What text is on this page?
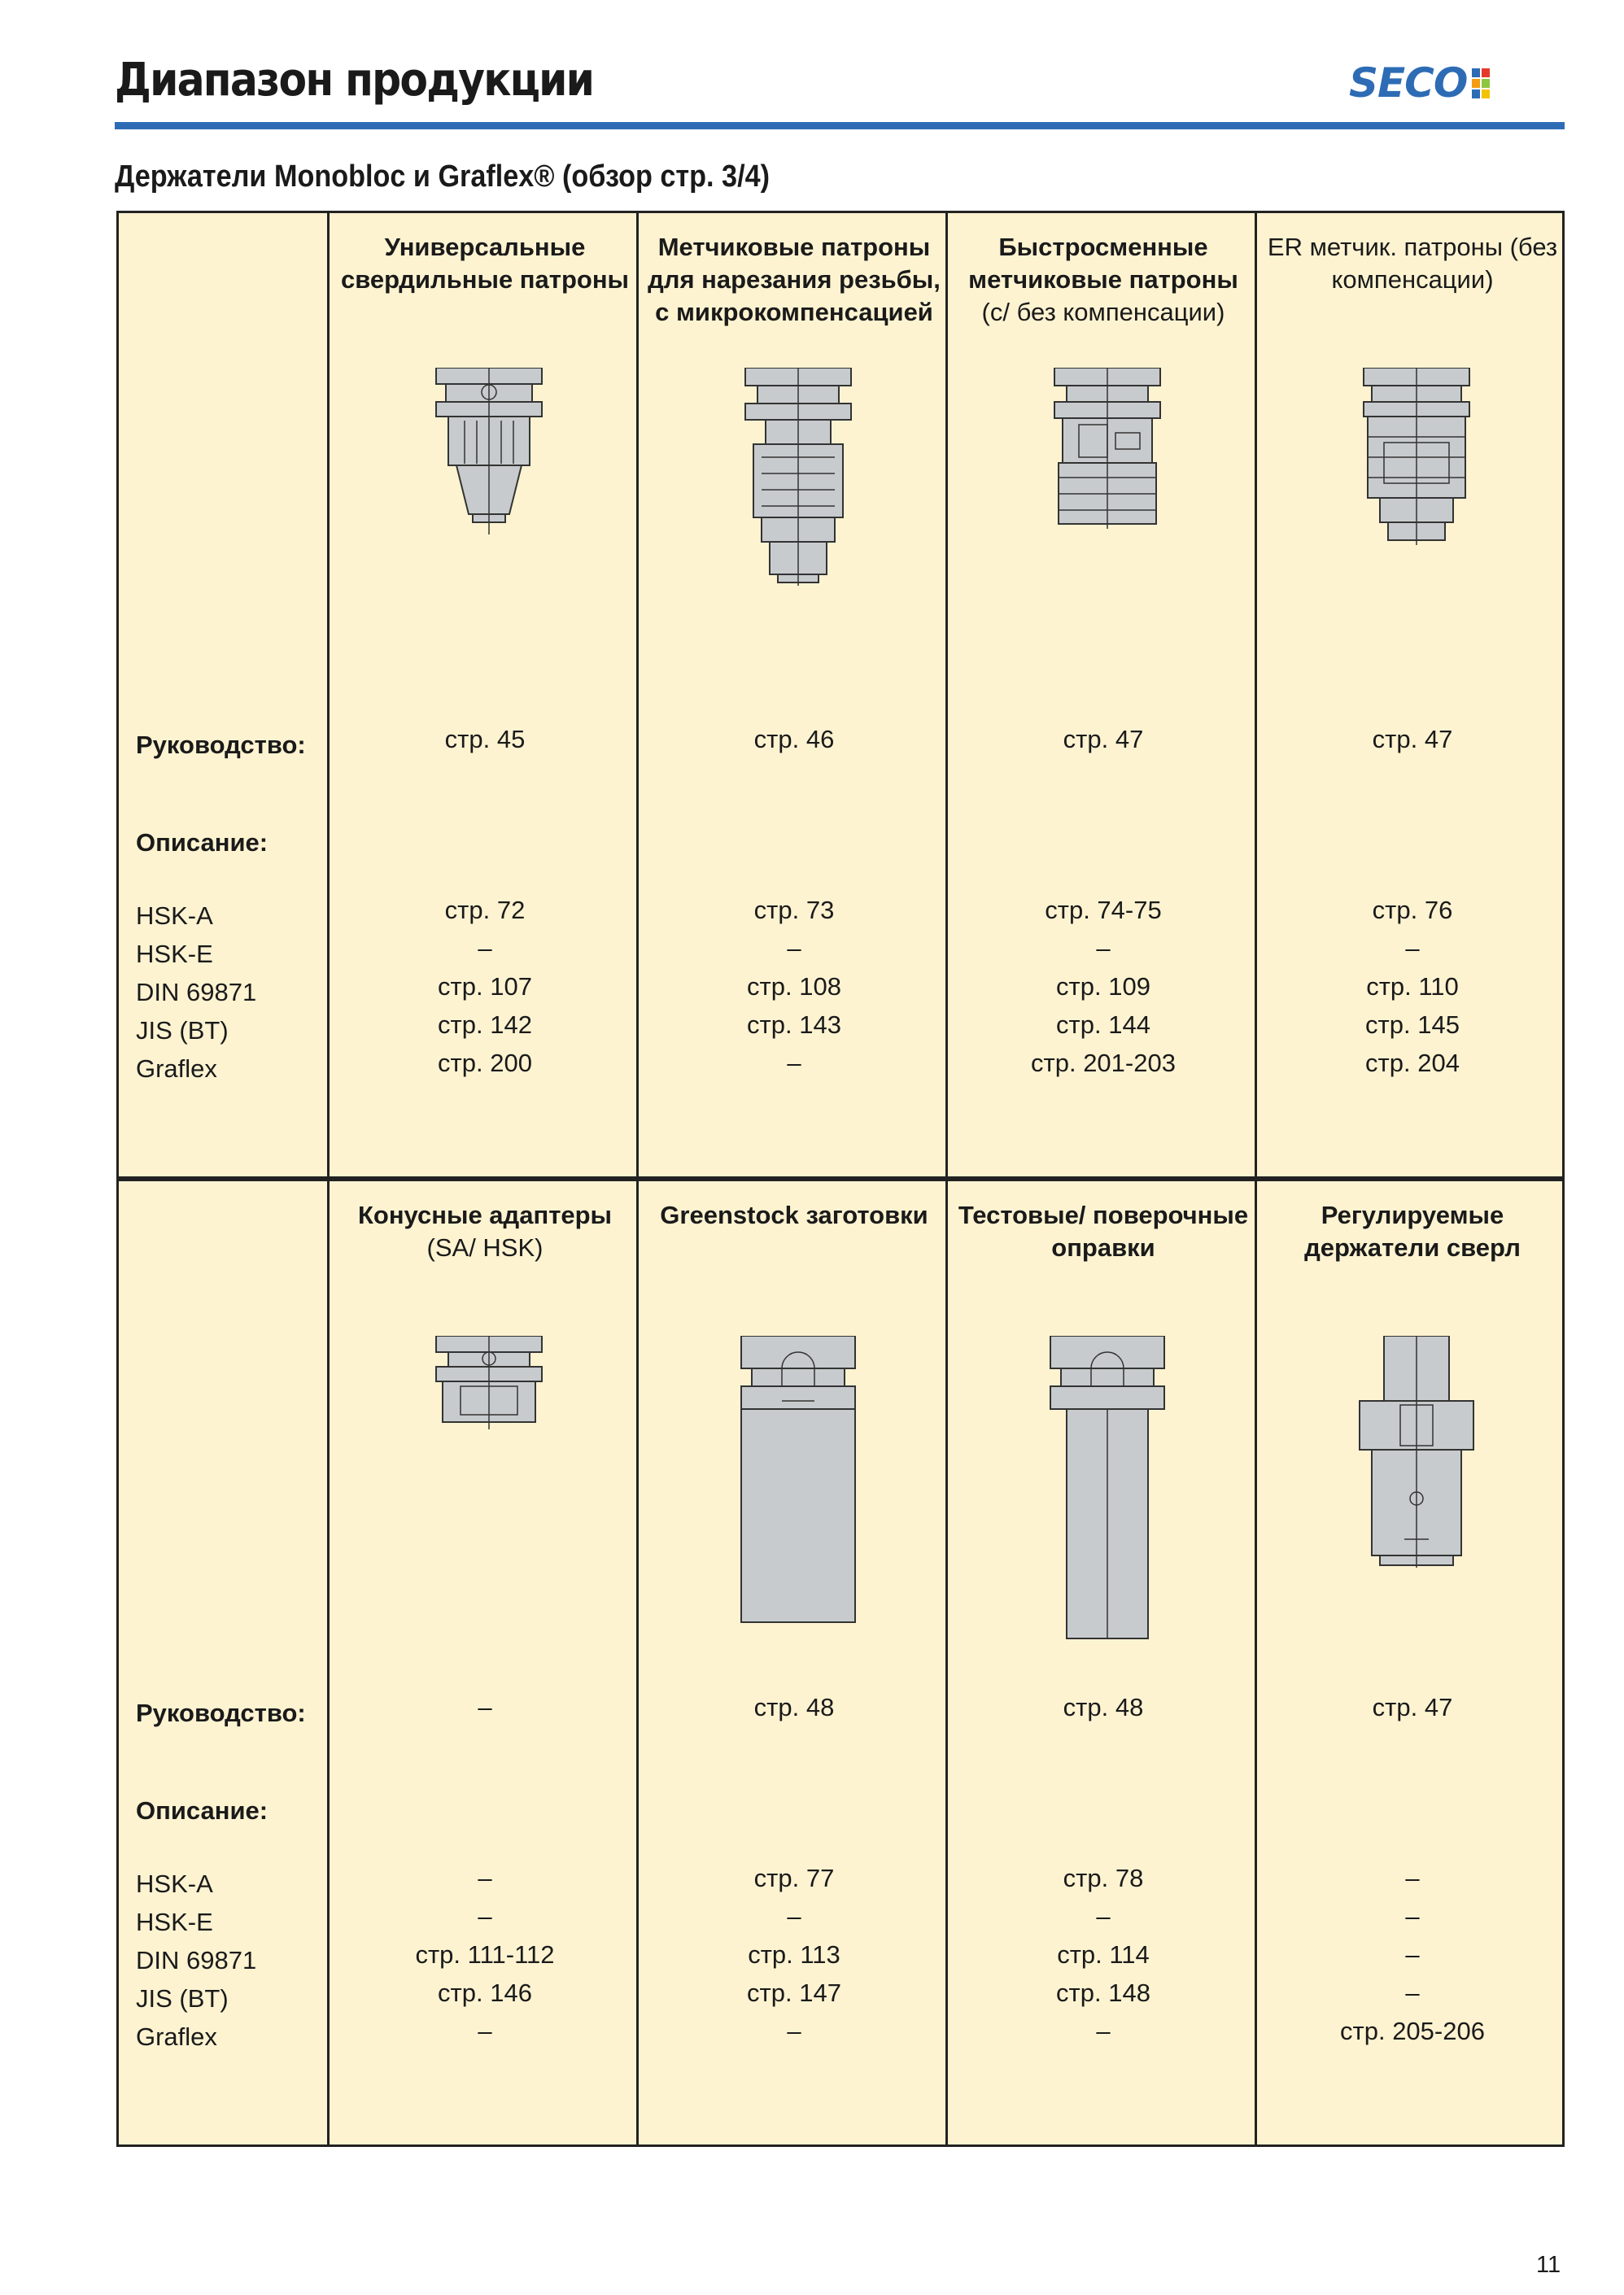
Диапазон продукции	SECO
Держатели Monobloc и Graflex® (обзор стр. 3/4)
Руководство:
Описание:
HSK-A
HSK-E
DIN 69871
JIS (BT)
Graflex
Универсальные свердильные патроны
стр. 45
стр. 72
–
стр. 107
стр. 142
стр. 200
Метчиковые патроны для нарезания резьбы, с микрокомпенсацией
стр. 46
стр. 73
–
стр. 108
стр. 143
–
Быстросменные метчиковые патроны
(с/ без компенсации)
стр. 47
стр. 74-75
–
стр. 109
стр. 144
стр. 201-203
ER метчик. патроны (без компенсации)
стр. 47
стр. 76
–
стр. 110
стр. 145
стр. 204
Руководство:
Описание:
HSK-A
HSK-E
DIN 69871
JIS (BT)
Graflex
Конусные адаптеры
(SA/ HSK)
–
–
–
стр. 111-112
стр. 146
–
Greenstock заготовки
стр. 48
стр. 77
–
стр. 113
стр. 147
–
Тестовые/ поверочные оправки
стр. 48
стр. 78
–
стр. 114
стр. 148
–
Регулируемые держатели сверл
стр. 47
–
–
–
–
стр. 205-206
11
